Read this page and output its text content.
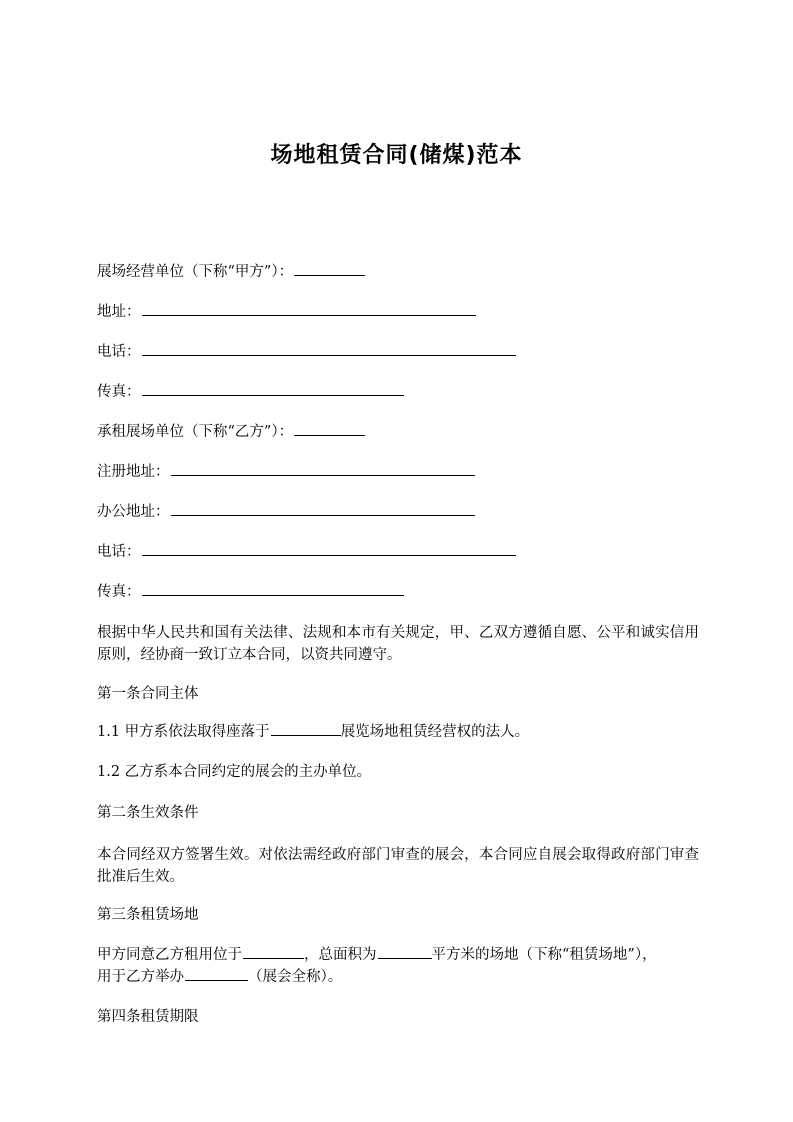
场地租赁合同(储煤)范本
展场经营单位（下称“甲方”）：
地址：
电话：
传真：
承租展场单位（下称“乙方”）：
注册地址：
办公地址：
电话：
传真：
根据中华人民共和国有关法律、法规和本市有关规定，甲、乙双方遵循自愿、公平和诚实信用原则，经协商一致订立本合同，以资共同遵守。
第一条合同主体
1.1 甲方系依法取得座落于	展览场地租赁经营权的法人。
1.2 乙方系本合同约定的展会的主办单位。
第二条生效条件
本合同经双方签署生效。对依法需经政府部门审查的展会，本合同应自展会取得政府部门审查批准后生效。
第三条租赁场地
甲方同意乙方租用位于	，总面积为	平方米的场地（下称“租赁场地”），
用于乙方举办	（展会全称）。
第四条租赁期限
